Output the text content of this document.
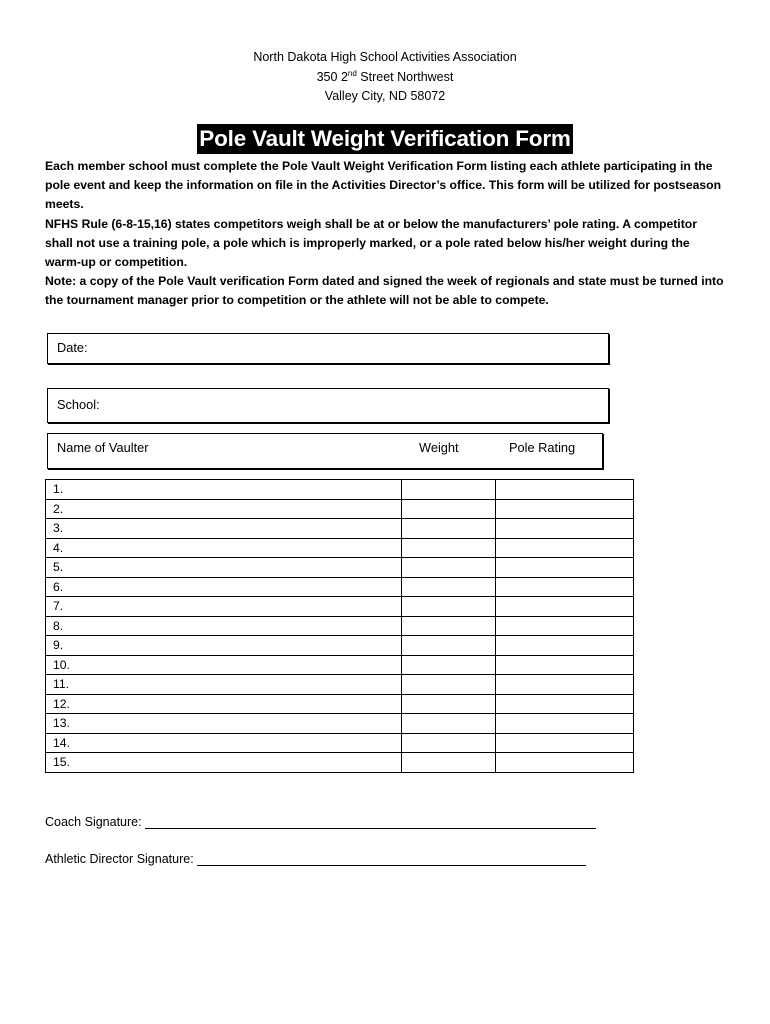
North Dakota High School Activities Association
350 2nd Street Northwest
Valley City, ND 58072
Pole Vault Weight Verification Form

Each member school must complete the Pole Vault Weight Verification Form listing each athlete participating in the pole event and keep the information on file in the Activities Director’s office. This form will be utilized for postseason meets.

NFHS Rule (6-8-15,16) states competitors weigh shall be at or below the manufacturers’ pole rating. A competitor shall not use a training pole, a pole which is improperly marked, or a pole rated below his/her weight during the warm-up or competition.

Note: a copy of the Pole Vault verification Form dated and signed the week of regionals and state must be turned into the tournament manager prior to competition or the athlete will not be able to compete.

Date:
School:
Name of Vaulter	Weight	Pole Rating
1.		
2.		
3.		
4.		
5.		
6.		
7.		
8.		
9.		
10.		
11.		
12.		
13.		
14.		
15.		
Coach Signature:
Athletic Director Signature:
